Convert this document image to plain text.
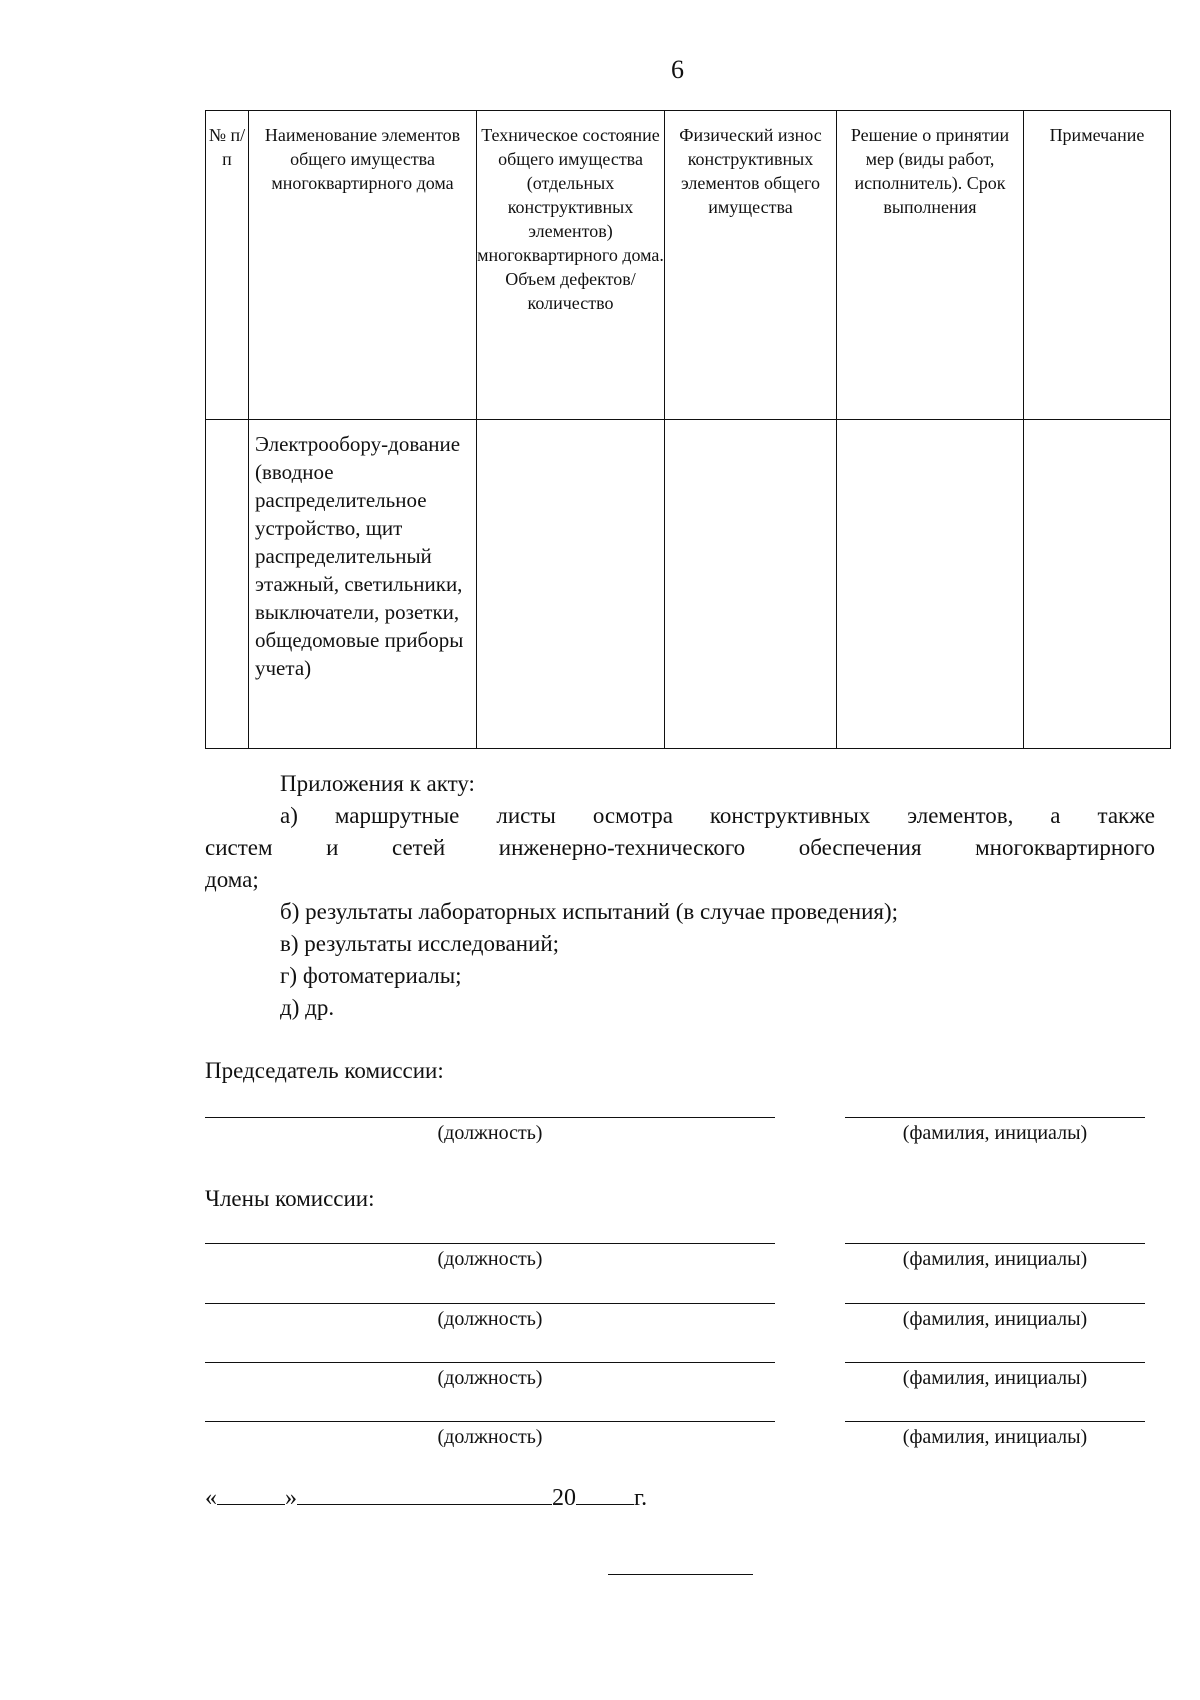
6
№ п/п	Наименование элементов общего имущества многоквартирного дома	Техническое состояние общего имущества (отдельных конструктивных элементов) многоквартирного дома. Объем дефектов/ количество	Физический износ конструктивных элементов общего имущества	Решение о принятии мер (виды работ, исполнитель). Срок выполнения	Примечание

	Электрообору-дование (вводное распределительное устройство, щит распределительный этажный, светильники, выключатели, розетки, общедомовые приборы учета)				

Приложения к акту:
а) маршрутные листы осмотра конструктивных элементов, а также
систем и сетей инженерно-технического обеспечения многоквартирного
дома;
б) результаты лабораторных испытаний (в случае проведения);
в) результаты исследований;
г) фотоматериалы;
д) др.
Председатель комиссии:
(должность)	(фамилия, инициалы)
Члены комиссии:
(должность)	(фамилия, инициалы)
(должность)	(фамилия, инициалы)
(должность)	(фамилия, инициалы)
(должность)	(фамилия, инициалы)
«	»	20 г.
